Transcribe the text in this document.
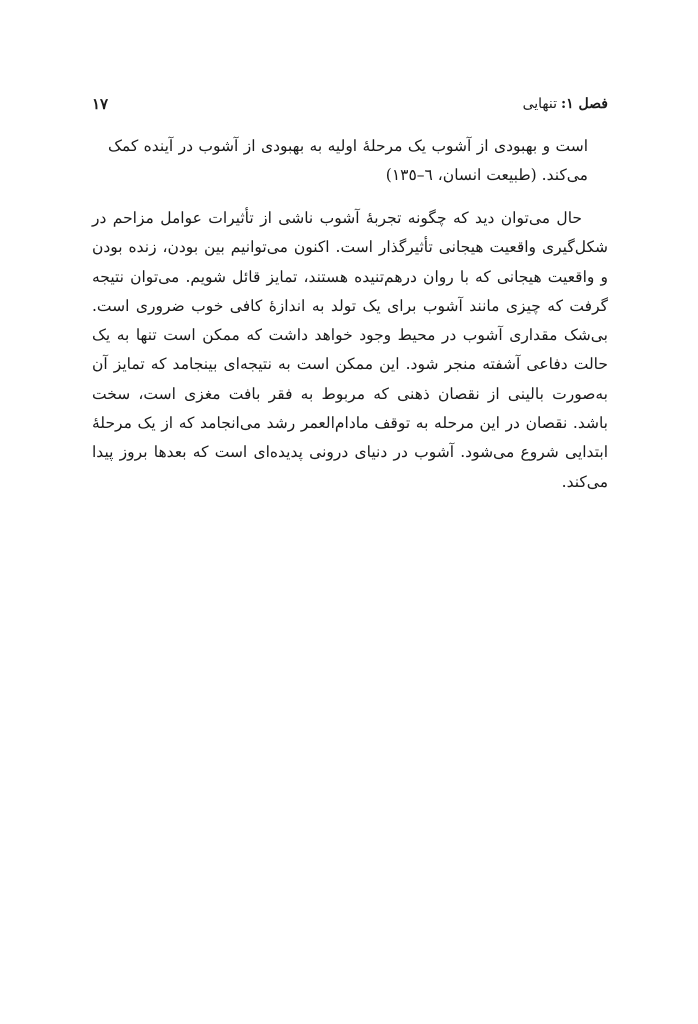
فصل ۱:
تنهایی
۱۷

است و بهبودی از آشوب یک مرحلۀ اولیه به بهبودی از آشوب در آینده کمک می‌کند. (طبیعت انسان، ٦–١٣٥)

حال می‌توان دید که چگونه تجربۀ آشوب ناشی از تأثیرات عوامل مزاحم در شکل‌گیری واقعیت هیجانی تأثیرگذار است. اکنون می‌توانیم بین بودن، زنده بودن و واقعیت هیجانی که با روان درهم‌تنیده هستند، تمایز قائل شویم. می‌توان نتیجه گرفت که چیزی مانند آشوب برای یک تولد به اندازۀ کافی خوب ضروری است. بی‌شک مقداری آشوب در محیط وجود خواهد داشت که ممکن است تنها به یک حالت دفاعی آشفته منجر شود. این ممکن است به نتیجه‌ای بینجامد که تمایز آن به‌صورت بالینی از نقصان ذهنی که مربوط به فقر بافت مغزی است، سخت باشد. نقصان در این مرحله به توقف مادام‌العمر رشد می‌انجامد که از یک مرحلۀ ابتدایی شروع می‌شود. آشوب در دنیای درونی پدیده‌ای است که بعدها بروز پیدا می‌کند.
